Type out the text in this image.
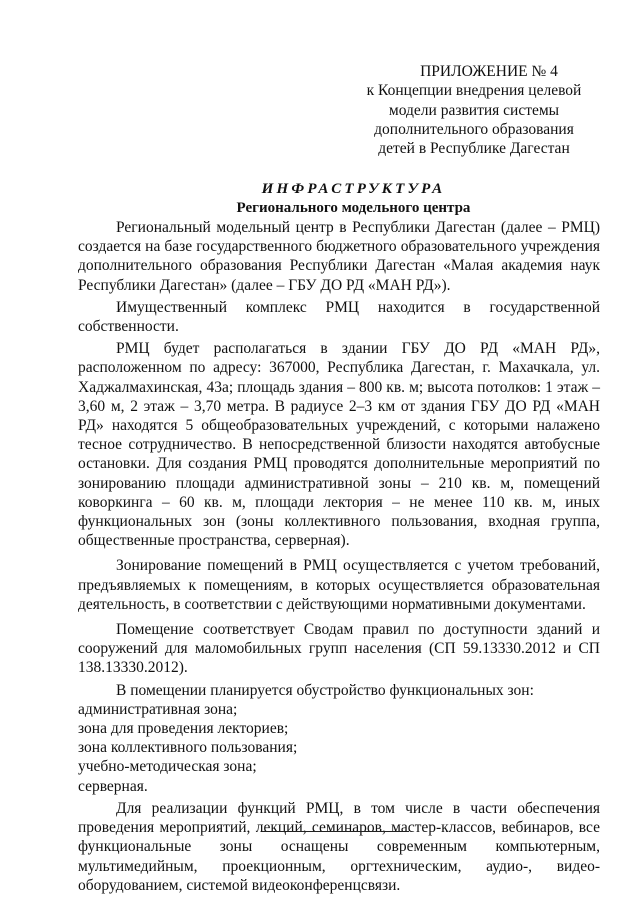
ПРИЛОЖЕНИЕ № 4
к Концепции внедрения целевой
модели развития системы
дополнительного образования
детей в Республике Дагестан
ИНФРАСТРУКТУРА
Регионального модельного центра

Региональный модельный центр в Республики Дагестан (далее – РМЦ) создается на базе государственного бюджетного образовательного учреждения дополнительного образования Республики Дагестан «Малая академия наук Республики Дагестан» (далее – ГБУ ДО РД «МАН РД»).

Имущественный комплекс РМЦ находится в государственной собственности.

РМЦ будет располагаться в здании ГБУ ДО РД «МАН РД», расположенном по адресу: 367000, Республика Дагестан, г. Махачкала, ул. Хаджалмахинская, 43а; площадь здания – 800 кв. м; высота потолков: 1 этаж – 3,60 м, 2 этаж – 3,70 метра. В радиусе 2–3 км от здания ГБУ ДО РД «МАН РД» находятся 5 общеобразовательных учреждений, с которыми налажено тесное сотрудничество. В непосредственной близости находятся автобусные остановки. Для создания РМЦ проводятся дополнительные мероприятий по зонированию площади административной зоны – 210 кв. м, помещений коворкинга – 60 кв. м, площади лектория – не менее 110 кв. м, иных функциональных зон (зоны коллективного пользования, входная группа, общественные пространства, серверная).

Зонирование помещений в РМЦ осуществляется с учетом требований, предъявляемых к помещениям, в которых осуществляется образовательная деятельность, в соответствии с действующими нормативными документами.

Помещение соответствует Сводам правил по доступности зданий и сооружений для маломобильных групп населения (СП 59.13330.2012 и СП 138.13330.2012).

В помещении планируется обустройство функциональных зон:

административная зона;
зона для проведения лекториев;
зона коллективного пользования;
учебно-методическая зона;
серверная.

Для реализации функций РМЦ, в том числе в части обеспечения проведения мероприятий, лекций, семинаров, мастер-классов, вебинаров, все функциональные зоны оснащены современным компьютерным, мультимедийным, проекционным, оргтехническим, аудио-, видео-оборудованием, системой видеоконференцсвязи.
